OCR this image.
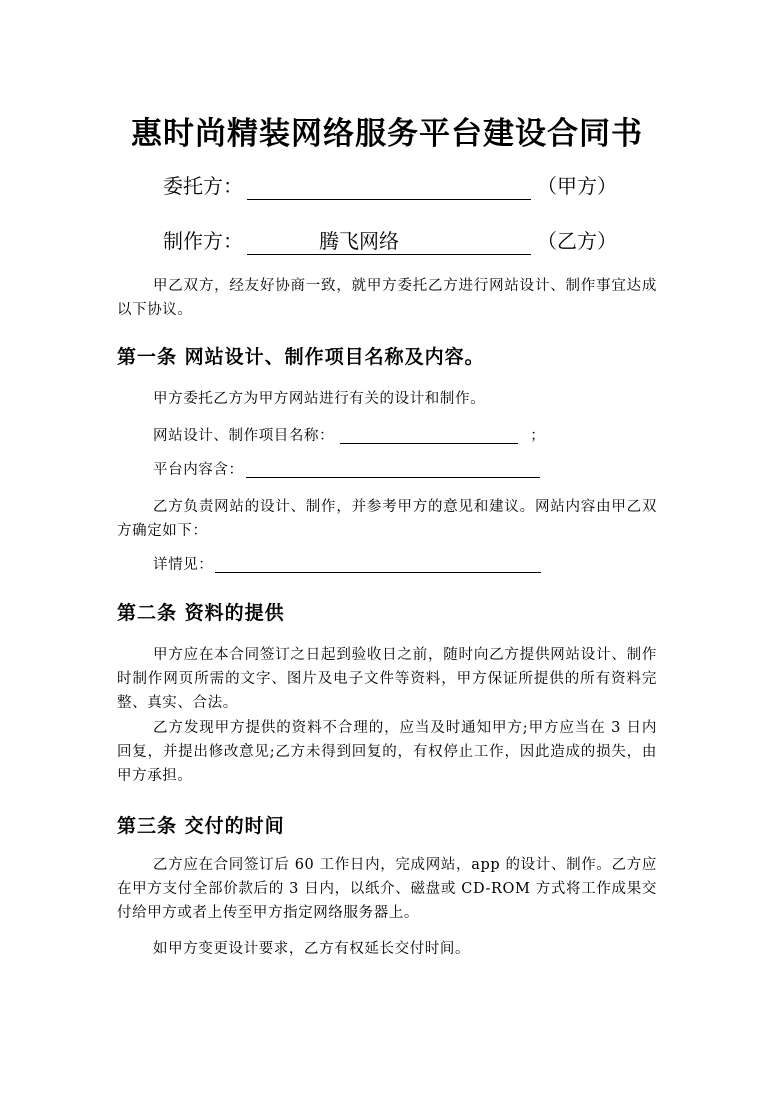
惠时尚精装网络服务平台建设合同书
委托方：	（甲方）
制作方：	腾飞网络	（乙方）
甲乙双方，经友好协商一致，就甲方委托乙方进行网站设计、制作事宜达成以下协议。
第一条 网站设计、制作项目名称及内容。
甲方委托乙方为甲方网站进行有关的设计和制作。
网站设计、制作项目名称：	；
平台内容含：
乙方负责网站的设计、制作，并参考甲方的意见和建议。网站内容由甲乙双方确定如下：
详情见：
第二条 资料的提供
甲方应在本合同签订之日起到验收日之前，随时向乙方提供网站设计、制作时制作网页所需的文字、图片及电子文件等资料，甲方保证所提供的所有资料完整、真实、合法。
乙方发现甲方提供的资料不合理的，应当及时通知甲方;甲方应当在 3 日内回复，并提出修改意见;乙方未得到回复的，有权停止工作，因此造成的损失，由甲方承担。
第三条 交付的时间
乙方应在合同签订后 60 工作日内，完成网站，app 的设计、制作。乙方应在甲方支付全部价款后的 3 日内，以纸介、磁盘或 CD-ROM 方式将工作成果交付给甲方或者上传至甲方指定网络服务器上。
如甲方变更设计要求，乙方有权延长交付时间。
